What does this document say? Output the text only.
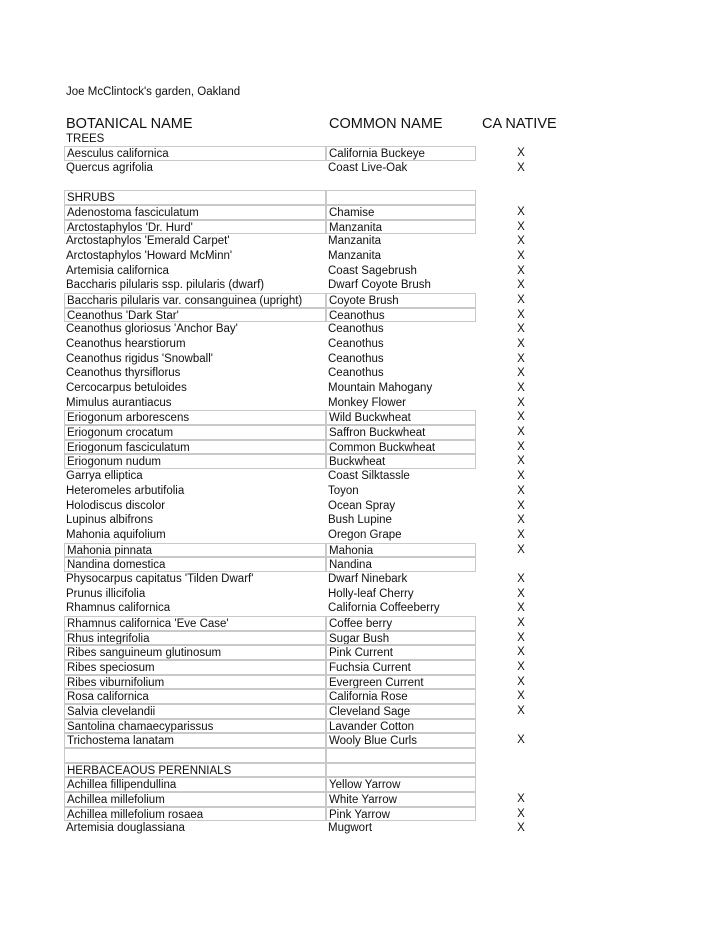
Joe McClintock's garden, Oakland
BOTANICAL NAME	COMMON NAME	CA NATIVE
TREES
Aesculus californica	California Buckeye	X
Quercus agrifolia	Coast Live-Oak	X
SHRUBS
Adenostoma fasciculatum	Chamise	X
Arctostaphylos 'Dr. Hurd'	Manzanita	X
Arctostaphylos 'Emerald Carpet'	Manzanita	X
Arctostaphylos 'Howard McMinn'	Manzanita	X
Artemisia californica	Coast Sagebrush	X
Baccharis pilularis ssp. pilularis (dwarf)	Dwarf Coyote Brush	X
Baccharis pilularis var. consanguinea (upright)	Coyote Brush	X
Ceanothus 'Dark Star'	Ceanothus	X
Ceanothus gloriosus 'Anchor Bay'	Ceanothus	X
Ceanothus hearstiorum	Ceanothus	X
Ceanothus rigidus 'Snowball'	Ceanothus	X
Ceanothus thyrsiflorus	Ceanothus	X
Cercocarpus betuloides	Mountain Mahogany	X
Mimulus aurantiacus	Monkey Flower	X
Eriogonum arborescens	Wild Buckwheat	X
Eriogonum crocatum	Saffron Buckwheat	X
Eriogonum fasciculatum	Common Buckwheat	X
Eriogonum nudum	Buckwheat	X
Garrya elliptica	Coast Silktassle	X
Heteromeles arbutifolia	Toyon	X
Holodiscus discolor	Ocean Spray	X
Lupinus albifrons	Bush Lupine	X
Mahonia aquifolium	Oregon Grape	X
Mahonia pinnata	Mahonia	X
Nandina domestica	Nandina
Physocarpus capitatus 'Tilden Dwarf'	Dwarf Ninebark	X
Prunus illicifolia	Holly-leaf Cherry	X
Rhamnus californica	California Coffeeberry	X
Rhamnus californica 'Eve Case'	Coffee berry	X
Rhus integrifolia	Sugar Bush	X
Ribes sanguineum glutinosum	Pink Current	X
Ribes speciosum	Fuchsia Current	X
Ribes viburnifolium	Evergreen Current	X
Rosa californica	California Rose	X
Salvia clevelandii	Cleveland Sage	X
Santolina chamaecyparissus	Lavander Cotton
Trichostema lanatam	Wooly Blue Curls	X
HERBACEAOUS PERENNIALS
Achillea fillipendullina	Yellow Yarrow
Achillea millefolium	White Yarrow	X
Achillea millefolium rosaea	Pink Yarrow	X
Artemisia douglassiana	Mugwort	X
